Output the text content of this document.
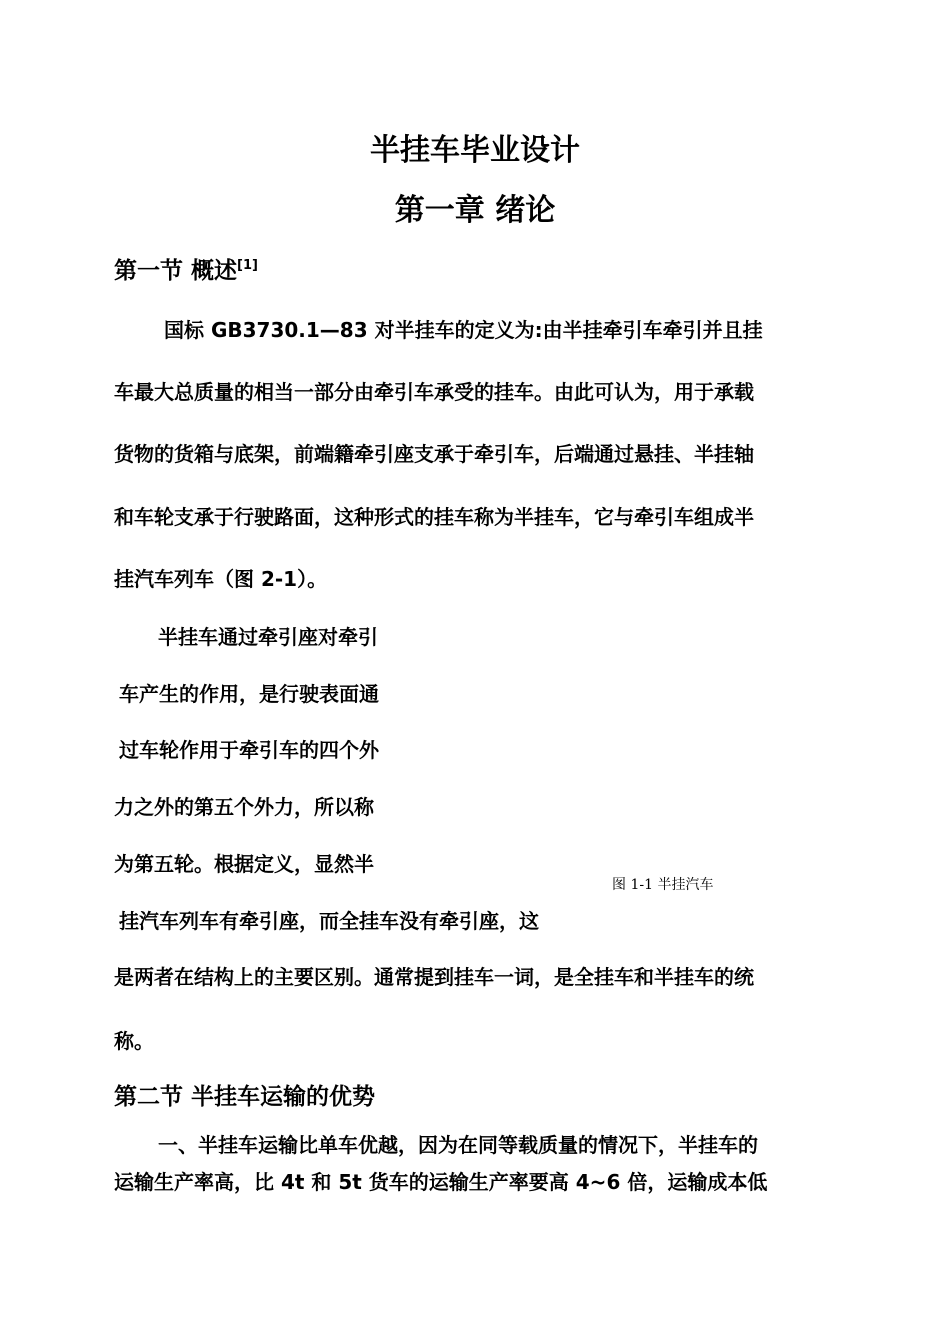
半挂车毕业设计
第一章 绪论
第一节 概述[1]
国标 GB3730.1—83 对半挂车的定义为:由半挂牵引车牵引并且挂
车最大总质量的相当一部分由牵引车承受的挂车。由此可认为，用于承载
货物的货箱与底架，前端籍牵引座支承于牵引车，后端通过悬挂、半挂轴
和车轮支承于行驶路面，这种形式的挂车称为半挂车，它与牵引车组成半
挂汽车列车（图 2-1）。
半挂车通过牵引座对牵引
车产生的作用，是行驶表面通
过车轮作用于牵引车的四个外
力之外的第五个外力，所以称
为第五轮。根据定义，显然半
图 1-1 半挂汽车
挂汽车列车有牵引座，而全挂车没有牵引座，这
是两者在结构上的主要区别。通常提到挂车一词，是全挂车和半挂车的统
称。
第二节 半挂车运输的优势
一、半挂车运输比单车优越，因为在同等载质量的情况下，半挂车的
运输生产率高，比 4t 和 5t 货车的运输生产率要高 4~6 倍，运输成本低
